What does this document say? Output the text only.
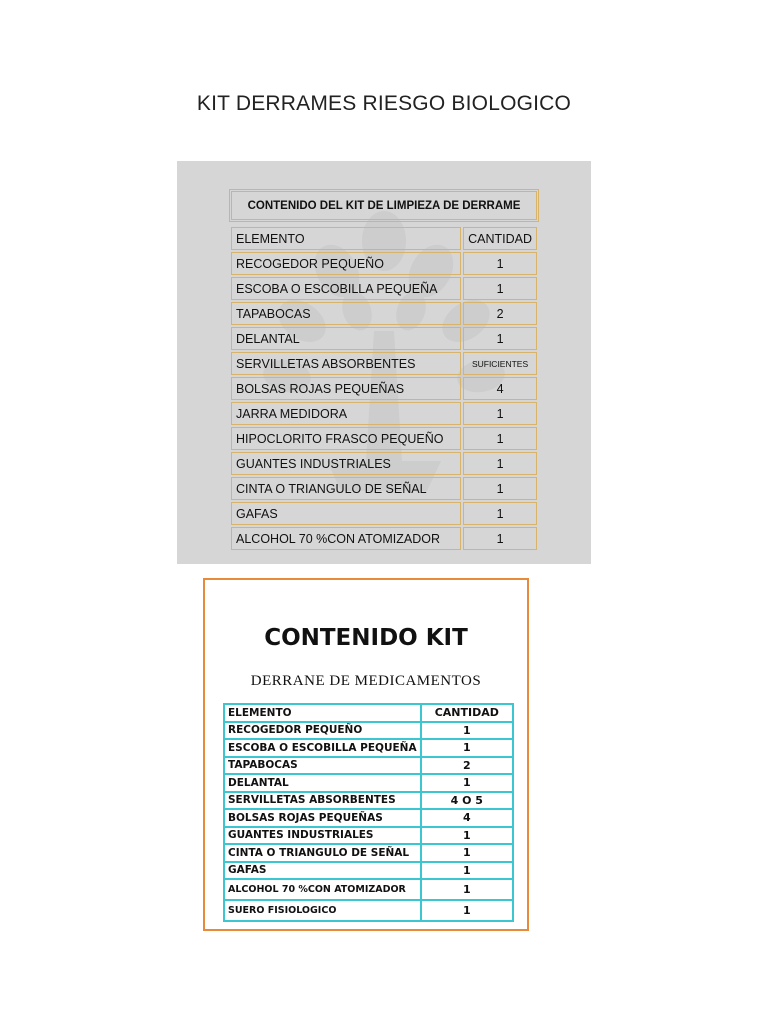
KIT DERRAMES RIESGO BIOLOGICO
CONTENIDO DEL KIT DE LIMPIEZA DE DERRAME
ELEMENTO	CANTIDAD
RECOGEDOR PEQUEÑO	1
ESCOBA O ESCOBILLA PEQUEÑA	1
TAPABOCAS	2
DELANTAL	1
SERVILLETAS ABSORBENTES	SUFICIENTES
BOLSAS ROJAS PEQUEÑAS	4
JARRA MEDIDORA	1
HIPOCLORITO FRASCO PEQUEÑO	1
GUANTES INDUSTRIALES	1
CINTA O TRIANGULO DE SEÑAL	1
GAFAS	1
ALCOHOL 70 %CON ATOMIZADOR	1
CONTENIDO KIT
DERRANE DE MEDICAMENTOS
ELEMENTO	CANTIDAD
RECOGEDOR PEQUEÑO	1
ESCOBA O ESCOBILLA PEQUEÑA	1
TAPABOCAS	2
DELANTAL	1
SERVILLETAS ABSORBENTES	4 O 5
BOLSAS ROJAS PEQUEÑAS	4
GUANTES INDUSTRIALES	1
CINTA O TRIANGULO DE SEÑAL	1
GAFAS	1
ALCOHOL 70 %CON ATOMIZADOR	1
SUERO FISIOLOGICO	1
